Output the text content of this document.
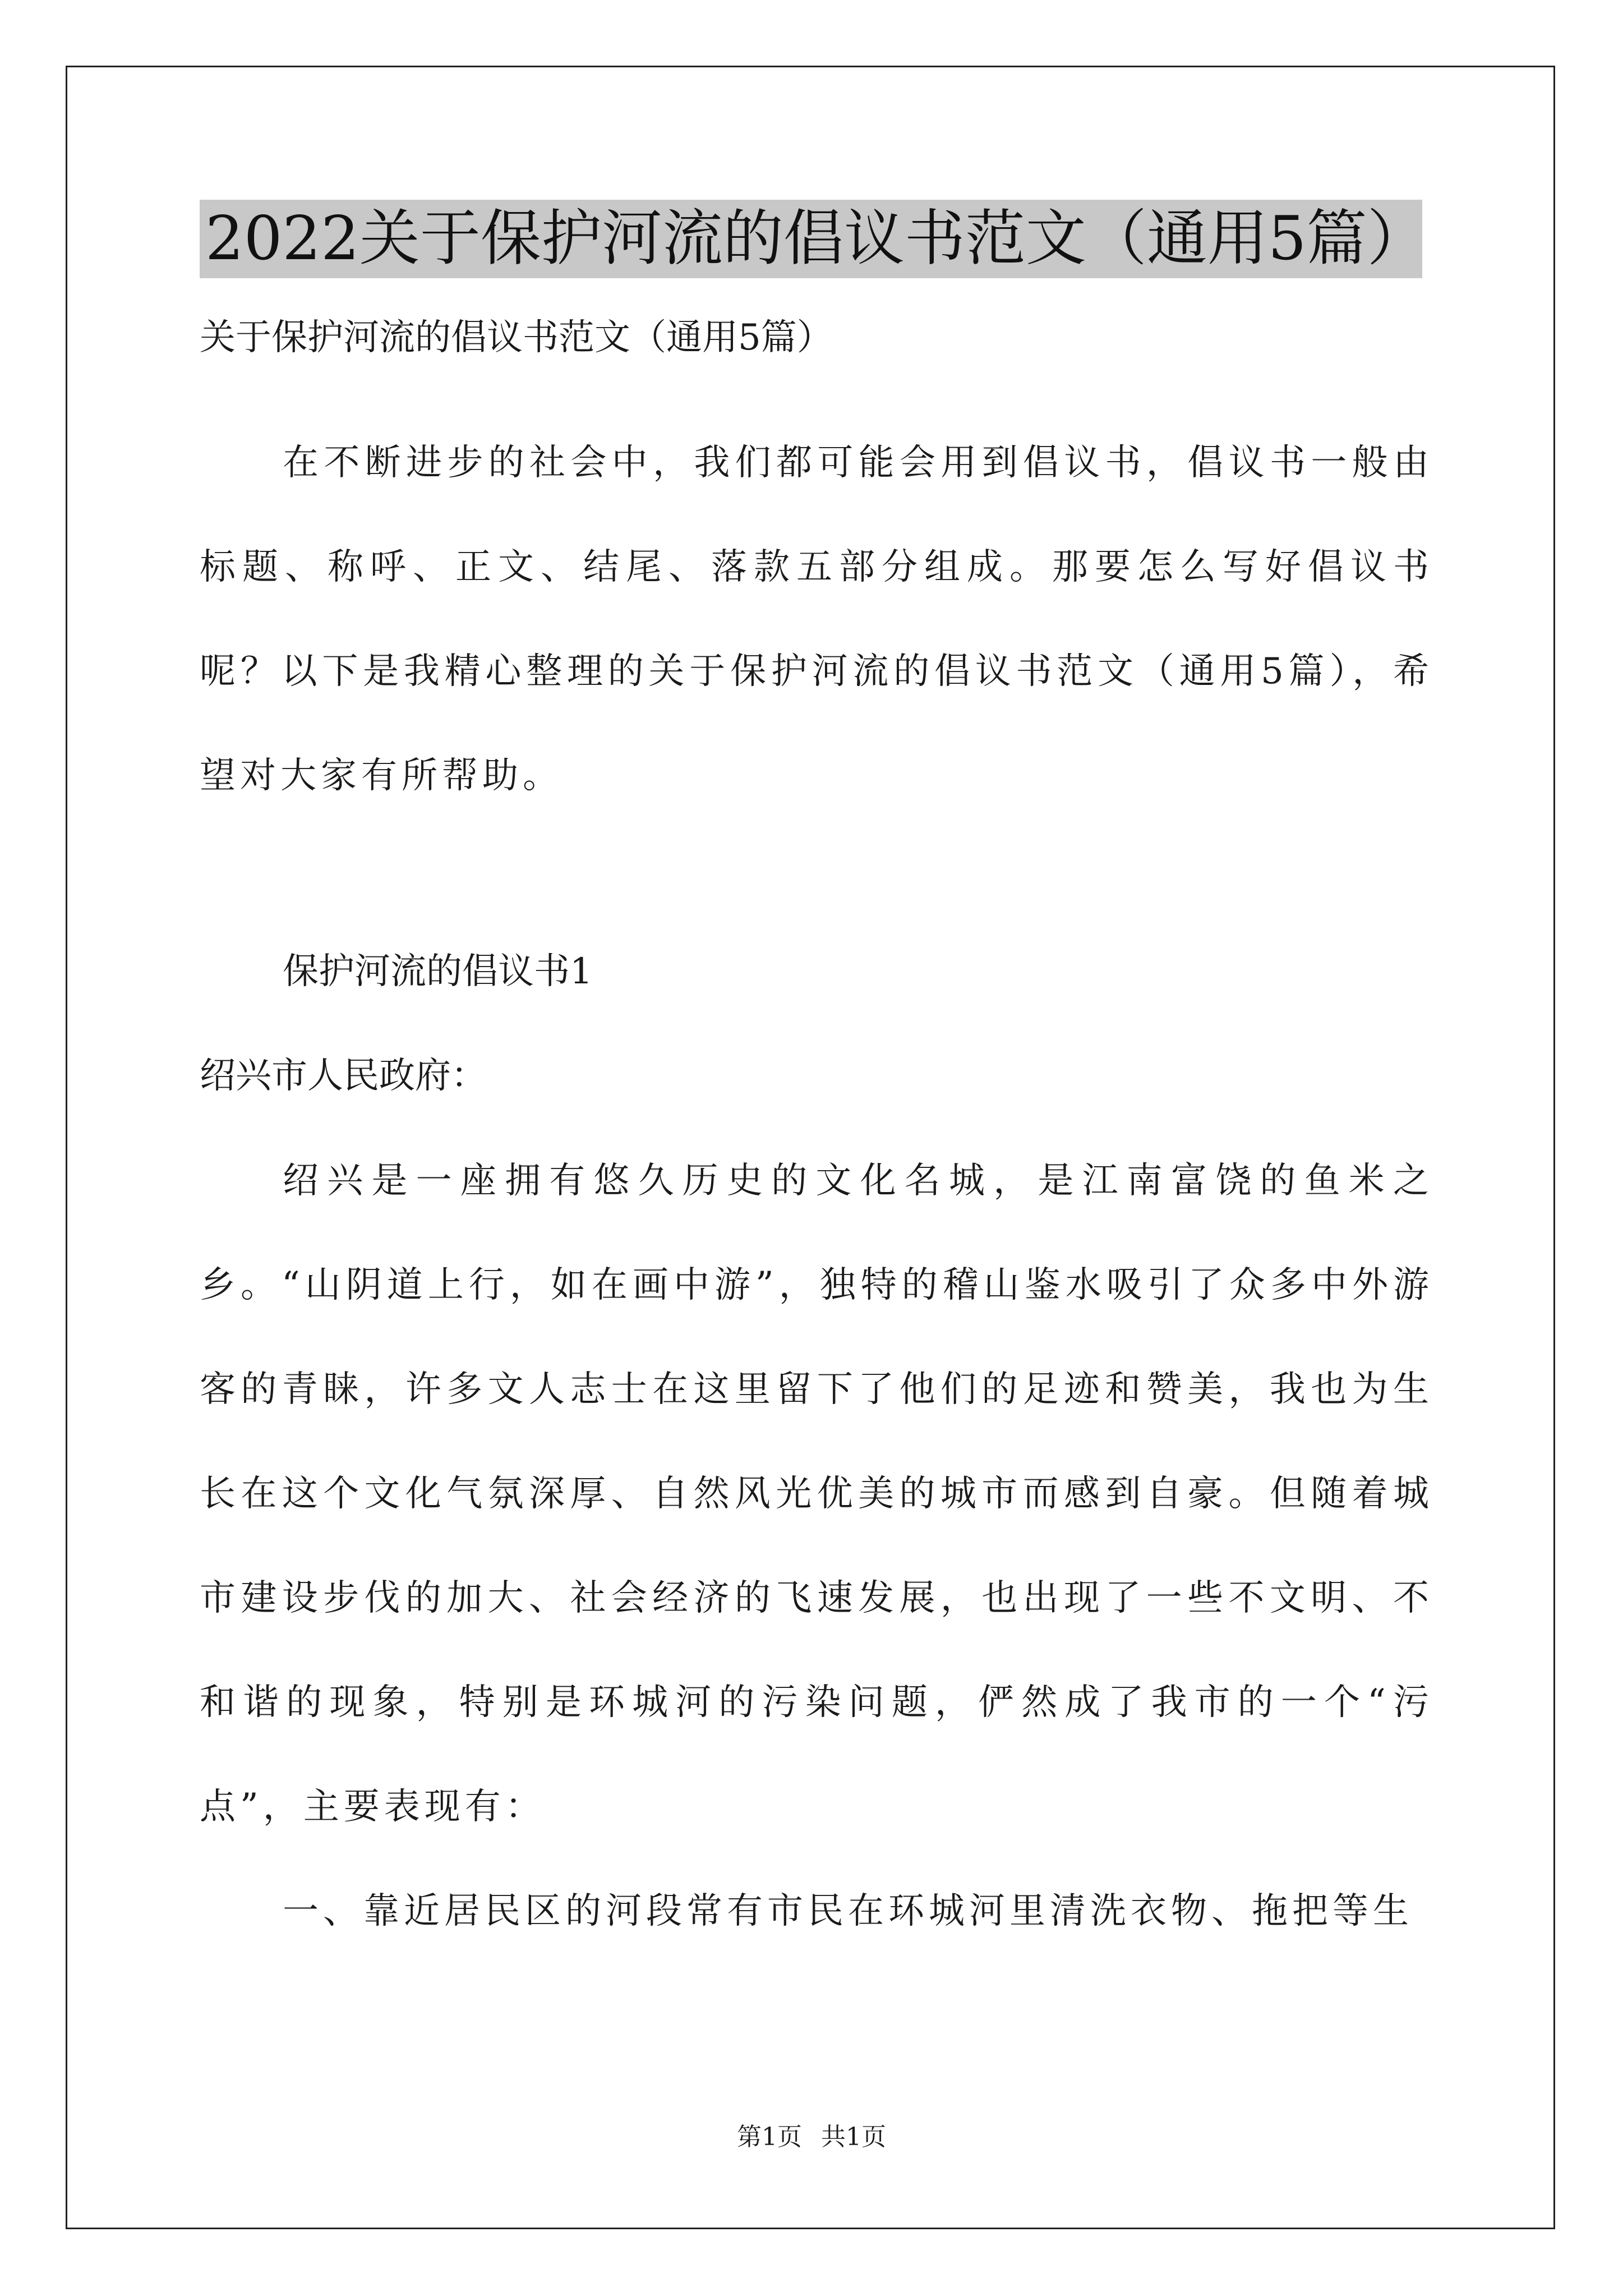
2022关于保护河流的倡议书范文（通用5篇）
关于保护河流的倡议书范文（通用5篇）

在不断进步的社会中，我们都可能会用到倡议书，倡议书一般由标题、称呼、正文、结尾、落款五部分组成。那要怎么写好倡议书呢？以下是我精心整理的关于保护河流的倡议书范文（通用5篇），希望对大家有所帮助。

保护河流的倡议书1
绍兴市人民政府：

绍兴是一座拥有悠久历史的文化名城，是江南富饶的鱼米之乡。“山阴道上行，如在画中游”，独特的稽山鉴水吸引了众多中外游客的青睐，许多文人志士在这里留下了他们的足迹和赞美，我也为生长在这个文化气氛深厚、自然风光优美的城市而感到自豪。但随着城市建设步伐的加大、社会经济的飞速发展，也出现了一些不文明、不和谐的现象，特别是环城河的污染问题，俨然成了我市的一个“污点”，主要表现有：

一、靠近居民区的河段常有市民在环城河里清洗衣物、拖把等生

第1页 共1页
